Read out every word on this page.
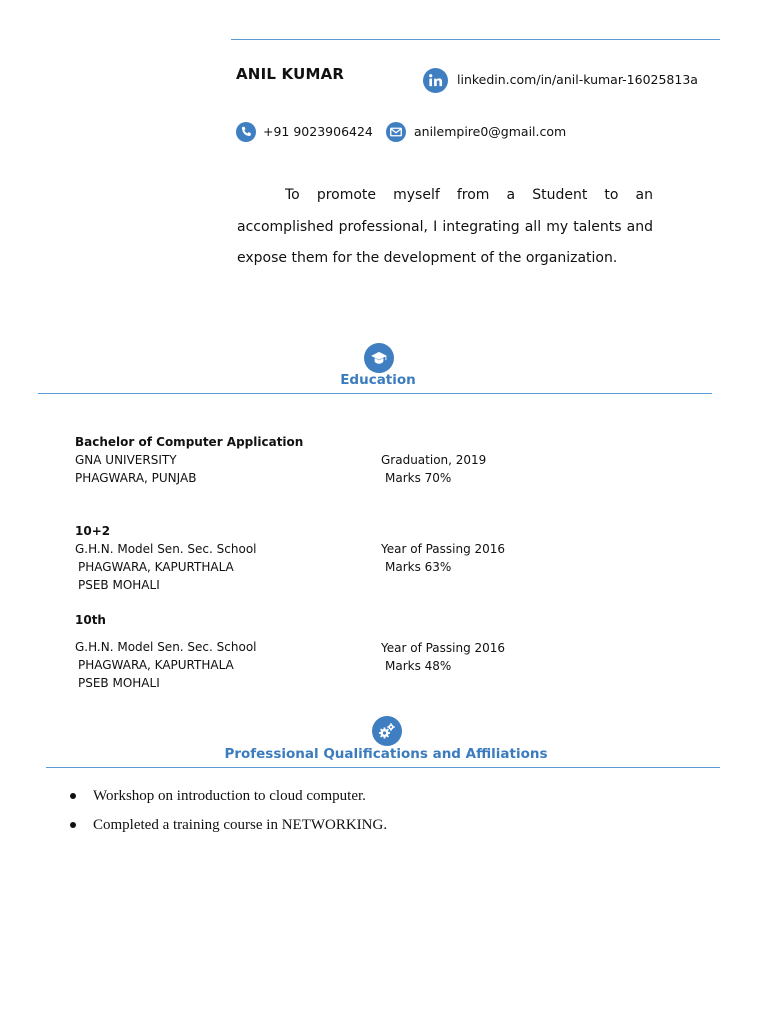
ANIL KUMAR	linkedin.com/in/anil-kumar-16025813a
+91 9023906424	anilempire0@gmail.com
To promote myself from a Student to an accomplished professional, I integrating all my talents and expose them for the development of the organization.
Education
Bachelor of Computer Application
GNA UNIVERSITY
PHAGWARA, PUNJAB
Graduation, 2019
Marks 70%
10+2
G.H.N. Model Sen. Sec. School
PHAGWARA, KAPURTHALA
PSEB MOHALI
Year of Passing 2016
Marks 63%
10th
G.H.N. Model Sen. Sec. School
PHAGWARA, KAPURTHALA
PSEB MOHALI
Year of Passing 2016
Marks 48%
Professional Qualifications and Affiliations
Workshop on introduction to cloud computer.
Completed a training course in NETWORKING.
